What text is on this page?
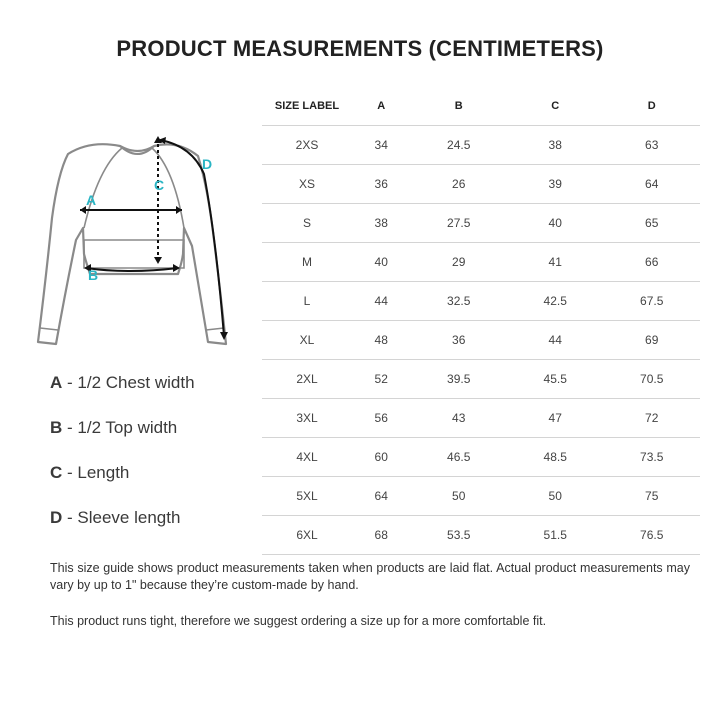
PRODUCT MEASUREMENTS (CENTIMETERS)
A
B
C
D
A - 1/2 Chest width
B - 1/2 Top width
C - Length
D - Sleeve length
SIZE LABEL	A	B	C	D
2XS	34	24.5	38	63
XS	36	26	39	64
S	38	27.5	40	65
M	40	29	41	66
L	44	32.5	42.5	67.5
XL	48	36	44	69
2XL	52	39.5	45.5	70.5
3XL	56	43	47	72
4XL	60	46.5	48.5	73.5
5XL	64	50	50	75
6XL	68	53.5	51.5	76.5
This size guide shows product measurements taken when products are laid flat. Actual product measurements may vary by up to 1" because they’re custom-made by hand.
This product runs tight, therefore we suggest ordering a size up for a more comfortable fit.
